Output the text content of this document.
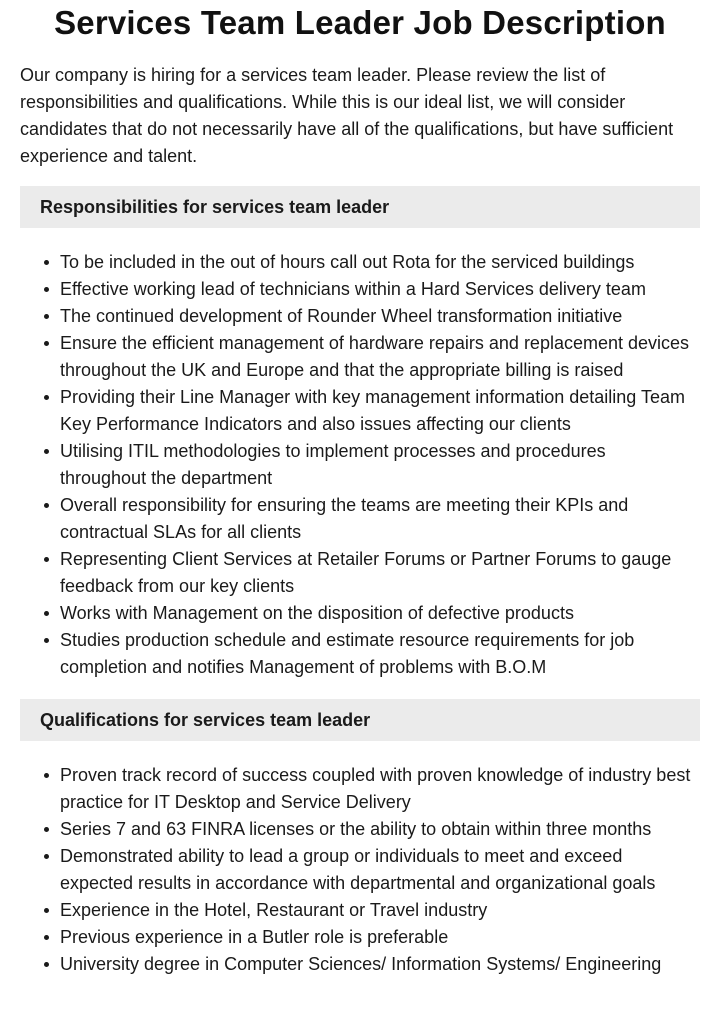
Services Team Leader Job Description

Our company is hiring for a services team leader. Please review the list of responsibilities and qualifications. While this is our ideal list, we will consider candidates that do not necessarily have all of the qualifications, but have sufficient experience and talent.

Responsibilities for services team leader
To be included in the out of hours call out Rota for the serviced buildings
Effective working lead of technicians within a Hard Services delivery team
The continued development of Rounder Wheel transformation initiative
Ensure the efficient management of hardware repairs and replacement devices throughout the UK and Europe and that the appropriate billing is raised
Providing their Line Manager with key management information detailing Team Key Performance Indicators and also issues affecting our clients
Utilising ITIL methodologies to implement processes and procedures throughout the department
Overall responsibility for ensuring the teams are meeting their KPIs and contractual SLAs for all clients
Representing Client Services at Retailer Forums or Partner Forums to gauge feedback from our key clients
Works with Management on the disposition of defective products
Studies production schedule and estimate resource requirements for job completion and notifies Management of problems with B.O.M
Qualifications for services team leader
Proven track record of success coupled with proven knowledge of industry best practice for IT Desktop and Service Delivery
Series 7 and 63 FINRA licenses or the ability to obtain within three months
Demonstrated ability to lead a group or individuals to meet and exceed expected results in accordance with departmental and organizational goals
Experience in the Hotel, Restaurant or Travel industry
Previous experience in a Butler role is preferable
University degree in Computer Sciences/ Information Systems/ Engineering
